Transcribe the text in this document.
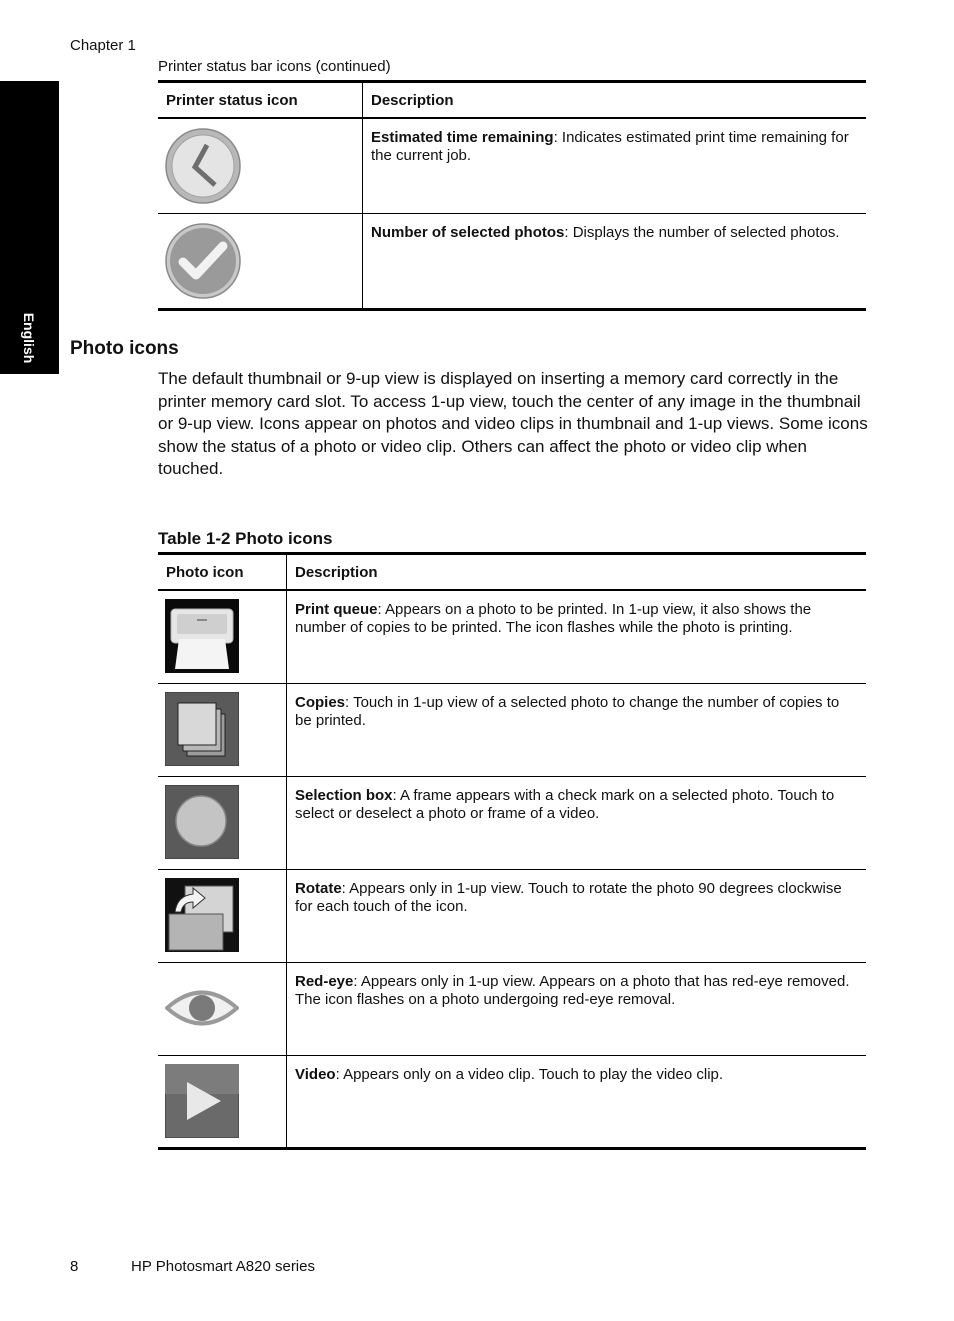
Chapter 1
English
Printer status bar icons (continued)
Printer status icon	Description

	Estimated time remaining: Indicates estimated print time remaining for the current job.

	Number of selected photos: Displays the number of selected photos.
Photo icons
The default thumbnail or 9-up view is displayed on inserting a memory card correctly in the printer memory card slot. To access 1-up view, touch the center of any image in the thumbnail or 9-up view. Icons appear on photos and video clips in thumbnail and 1-up views. Some icons show the status of a photo or video clip. Others can affect the photo or video clip when touched.
Table 1-2 Photo icons
Photo icon	Description

	Print queue: Appears on a photo to be printed. In 1-up view, it also shows the number of copies to be printed. The icon flashes while the photo is printing.

	Copies: Touch in 1-up view of a selected photo to change the number of copies to be printed.

	Selection box: A frame appears with a check mark on a selected photo. Touch to select or deselect a photo or frame of a video.

	Rotate: Appears only in 1-up view. Touch to rotate the photo 90 degrees clockwise for each touch of the icon.

	Red-eye: Appears only in 1-up view. Appears on a photo that has red-eye removed. The icon flashes on a photo undergoing red-eye removal.

	Video: Appears only on a video clip. Touch to play the video clip.
8	HP Photosmart A820 series
